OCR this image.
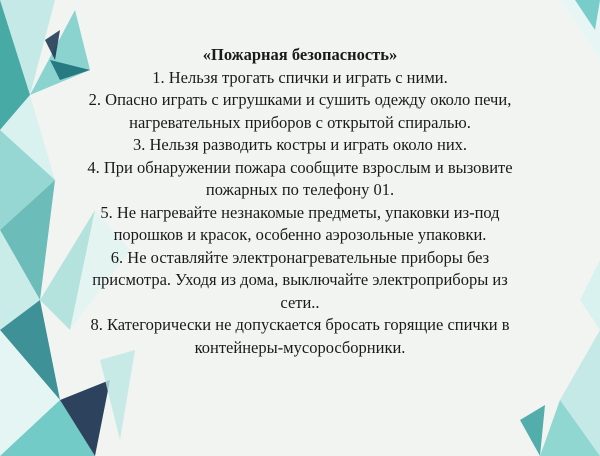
«Пожарная безопасность»
1. Нельзя трогать спички и играть с ними.
2. Опасно играть с игрушками и сушить одежду около печи,
нагревательных приборов с открытой спиралью.
3. Нельзя разводить костры и играть около них.
4. При обнаружении пожара сообщите взрослым и вызовите
пожарных по телефону 01.
5. Не нагревайте незнакомые предметы, упаковки из-под
порошков и красок, особенно аэрозольные упаковки.
6. Не оставляйте электронагревательные приборы без
присмотра. Уходя из дома, выключайте электроприборы из
сети..
8. Категорически не допускается бросать горящие спички в
контейнеры-мусоросборники.
